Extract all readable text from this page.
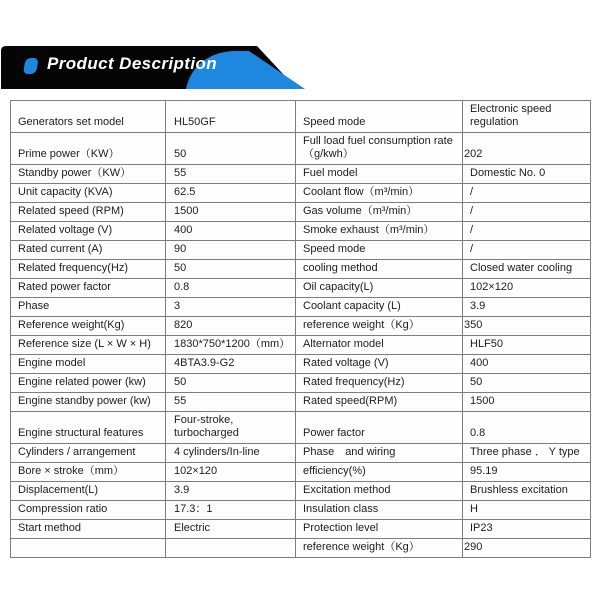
Product Description
Generators set model	HL50GF	Speed mode	Electronic speed regulation
Prime power（KW）	50	Full load fuel consumption rate（g/kwh）	202
Standby power（KW）	55	Fuel model	Domestic No. 0
Unit capacity (KVA)	62.5	Coolant flow（m³/min）	/
Related speed (RPM)	1500	Gas volume（m³/min）	/
Related voltage (V)	400	Smoke exhaust（m³/min）	/
Rated current (A)	90	Speed mode	/
Related frequency(Hz)	50	cooling method	Closed water cooling
Rated power factor	0.8	Oil capacity(L)	102×120
Phase	3	Coolant capacity (L)	3.9
Reference weight(Kg)	820	reference weight（Kg）	350
Reference size (L × W × H)	1830*750*1200（mm）	Alternator model	HLF50
Engine model	4BTA3.9-G2	Rated voltage (V)	400
Engine related power (kw)	50	Rated frequency(Hz)	50
Engine standby power (kw)	55	Rated speed(RPM)	1500
Engine structural features	Four-stroke, turbocharged	Power factor	0.8
Cylinders / arrangement	4 cylinders/In-line	Phase　and wiring	Three phase ． Y type
Bore × stroke（mm）	102×120	efficiency(%)	95.19
Displacement(L)	3.9	Excitation method	Brushless excitation
Compression ratio	17.3：1	Insulation class	H
Start method	Electric	Protection level	IP23
		reference weight（Kg）	290
